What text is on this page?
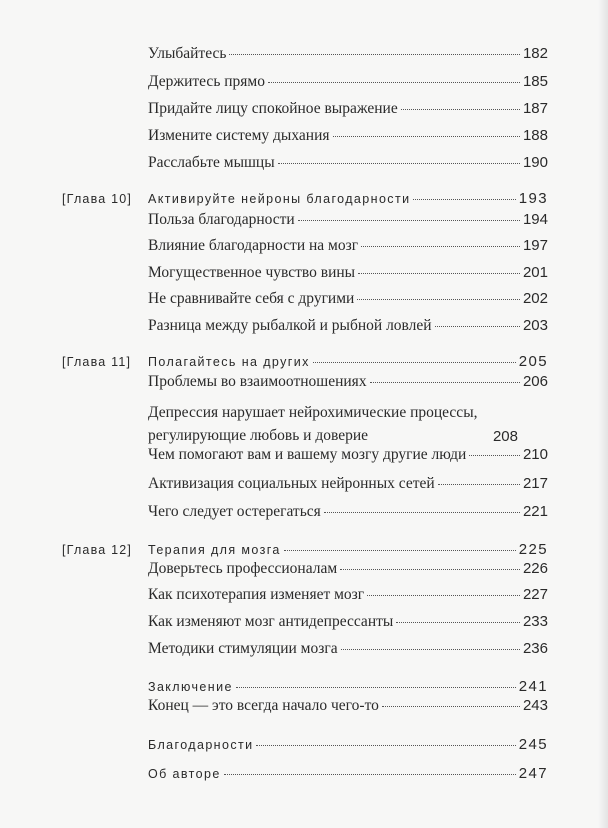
Улыбайтесь	182
Держитесь прямо	185
Придайте лицу спокойное выражение	187
Измените систему дыхания	188
Расслабьте мышцы	190
[Глава 10] Активируйте нейроны благодарности	193
Польза благодарности	194
Влияние благодарности на мозг	197
Могущественное чувство вины	201
Не сравнивайте себя с другими	202
Разница между рыбалкой и рыбной ловлей	203
[Глава 11] Полагайтесь на других	205
Проблемы во взаимоотношениях	206
Депрессия нарушает нейрохимические процессы, регулирующие любовь и доверие	208
Чем помогают вам и вашему мозгу другие люди	210
Активизация социальных нейронных сетей	217
Чего следует остерегаться	221
[Глава 12] Терапия для мозга	225
Доверьтесь профессионалам	226
Как психотерапия изменяет мозг	227
Как изменяют мозг антидепрессанты	233
Методики стимуляции мозга	236
Заключение	241
Конец — это всегда начало чего-то	243
Благодарности	245
Об авторе	247
